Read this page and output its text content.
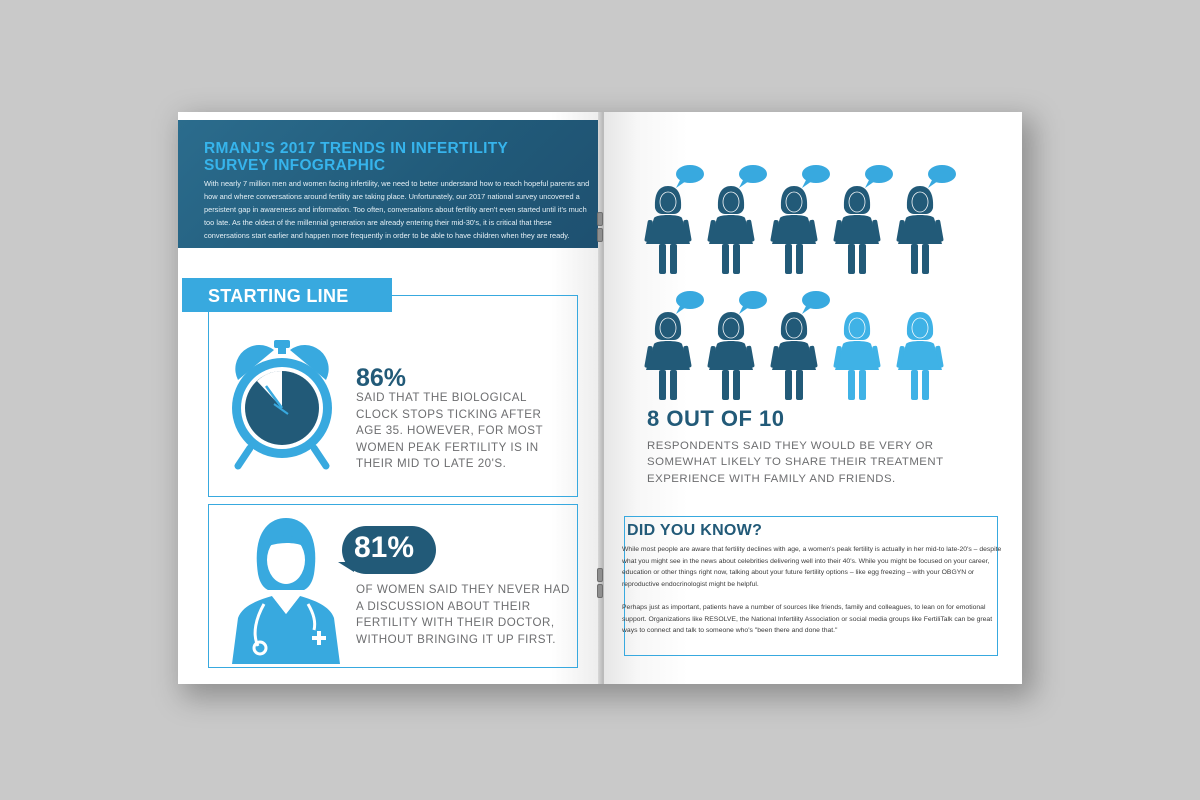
RMANJ'S 2017 TRENDS IN INFERTILITY SURVEY INFOGRAPHIC
With nearly 7 million men and women facing infertility, we need to better understand how to reach hopeful parents and how and where conversations around fertility are taking place. Unfortunately, our 2017 national survey uncovered a persistent gap in awareness and information. Too often, conversations about fertility aren't even started until it's much too late. As the oldest of the millennial generation are already entering their mid-30's, it is critical that these conversations start earlier and happen more frequently in order to be able to have children when they are ready.
STARTING LINE
86%
SAID THAT THE BIOLOGICAL CLOCK STOPS TICKING AFTER AGE 35. HOWEVER, FOR MOST WOMEN PEAK FERTILITY IS IN THEIR MID TO LATE 20'S.
81%
OF WOMEN SAID THEY NEVER HAD A DISCUSSION ABOUT THEIR FERTILITY WITH THEIR DOCTOR, WITHOUT BRINGING IT UP FIRST.
8 OUT OF 10
RESPONDENTS SAID THEY WOULD BE VERY OR SOMEWHAT LIKELY TO SHARE THEIR TREATMENT EXPERIENCE WITH FAMILY AND FRIENDS.
DID YOU KNOW?
While most people are aware that fertility declines with age, a women's peak fertility is actually in her mid-to late-20's – despite what you might see in the news about celebrities delivering well into their 40's. While you might be focused on your career, education or other things right now, talking about your future fertility options – like egg freezing – with your OBGYN or reproductive endocrinologist might be helpful.
Perhaps just as important, patients have a number of sources like friends, family and colleagues, to lean on for emotional support. Organizations like RESOLVE, the National Infertility Association or social media groups like FertiliTalk can be great ways to connect and talk to someone who's "been there and done that."
